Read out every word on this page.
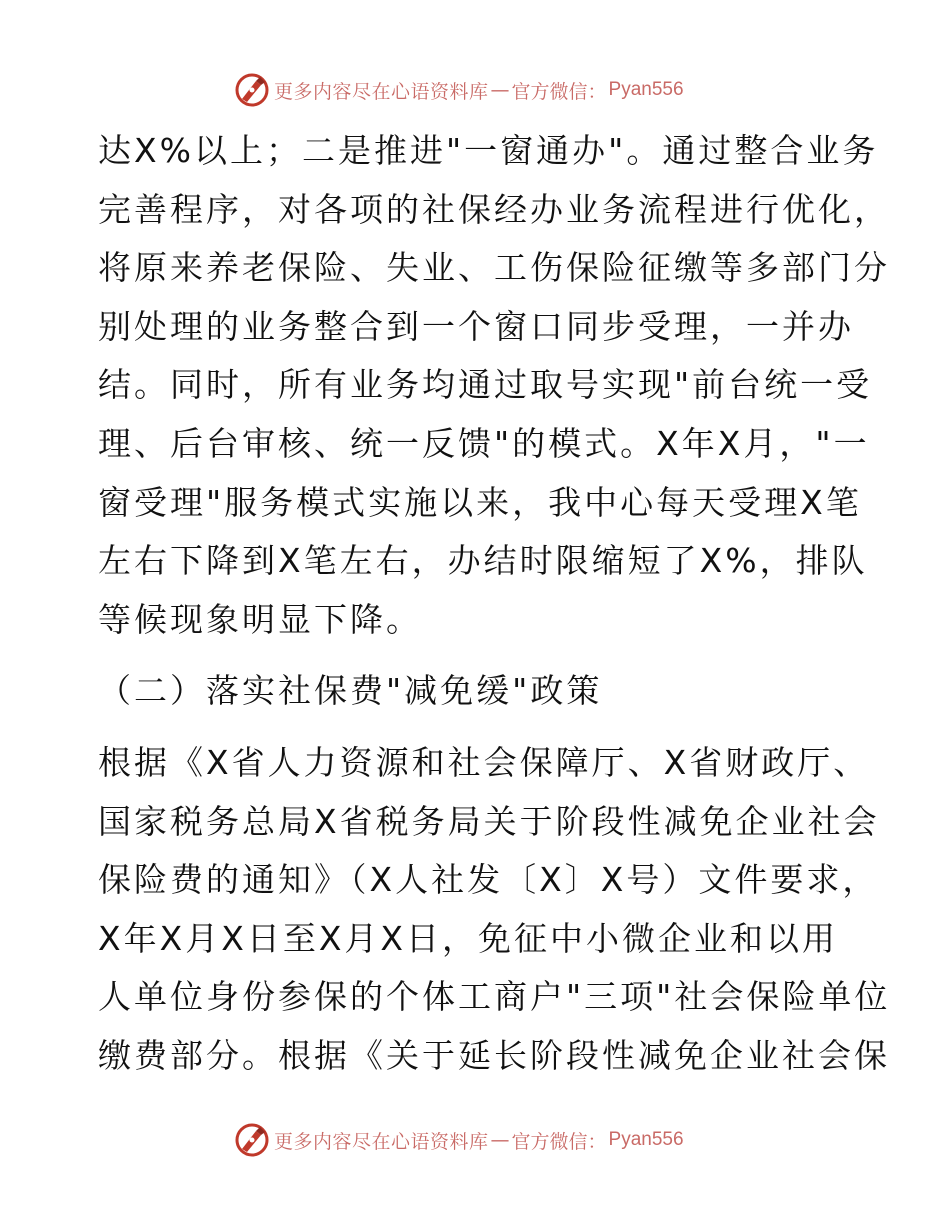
更多内容尽在心语资料库 — 官方微信： Pyan556
达X%以上；二是推进"一窗通办"。通过整合业务
完善程序，对各项的社保经办业务流程进行优化，
将原来养老保险、失业、工伤保险征缴等多部门分
别处理的业务整合到一个窗口同步受理，一并办
结。同时，所有业务均通过取号实现"前台统一受
理、后台审核、统一反馈"的模式。X年X月，"一
窗受理"服务模式实施以来，我中心每天受理X笔
左右下降到X笔左右，办结时限缩短了X%，排队
等候现象明显下降。
（二）落实社保费"减免缓"政策
根据《X省人力资源和社会保障厅、X省财政厅、
国家税务总局X省税务局关于阶段性减免企业社会
保险费的通知》（X人社发〔X〕X号）文件要求，
X年X月X日至X月X日，免征中小微企业和以用
人单位身份参保的个体工商户"三项"社会保险单位
缴费部分。根据《关于延长阶段性减免企业社会保
更多内容尽在心语资料库 — 官方微信： Pyan556
